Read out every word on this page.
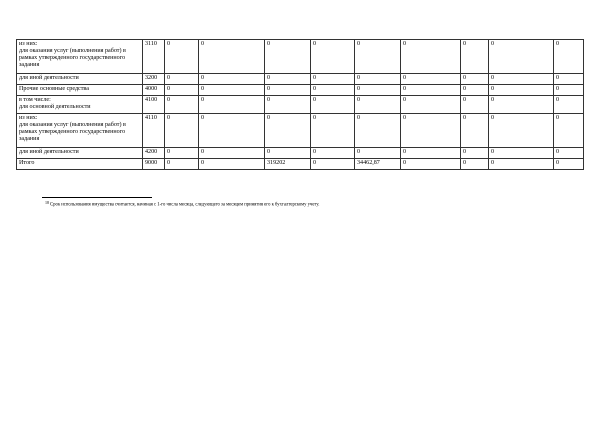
из них:
для оказания услуг (выполнения работ) в рамках утвержденного государственного задания	3110	0	0	0	0	0	0	0	0	0
для иной деятельности	3200	0	0	0	0	0	0	0	0	0
Прочие основные средства	4000	0	0	0	0	0	0	0	0	0
в том числе:
для основной деятельности	4100	0	0	0	0	0	0	0	0	0
из них:
для оказания услуг (выполнения работ) в рамках утвержденного государственного задания	4110	0	0	0	0	0	0	0	0	0
для иной деятельности	4200	0	0	0	0	0	0	0	0	0
Итого	9000	0	0	319202	0	34462,87	0	0	0	0
$^{18}$Срок использования имущества считается, начиная с 1-го числа месяца, следующего за месяцем принятия его к бухгалтерскому учету.
